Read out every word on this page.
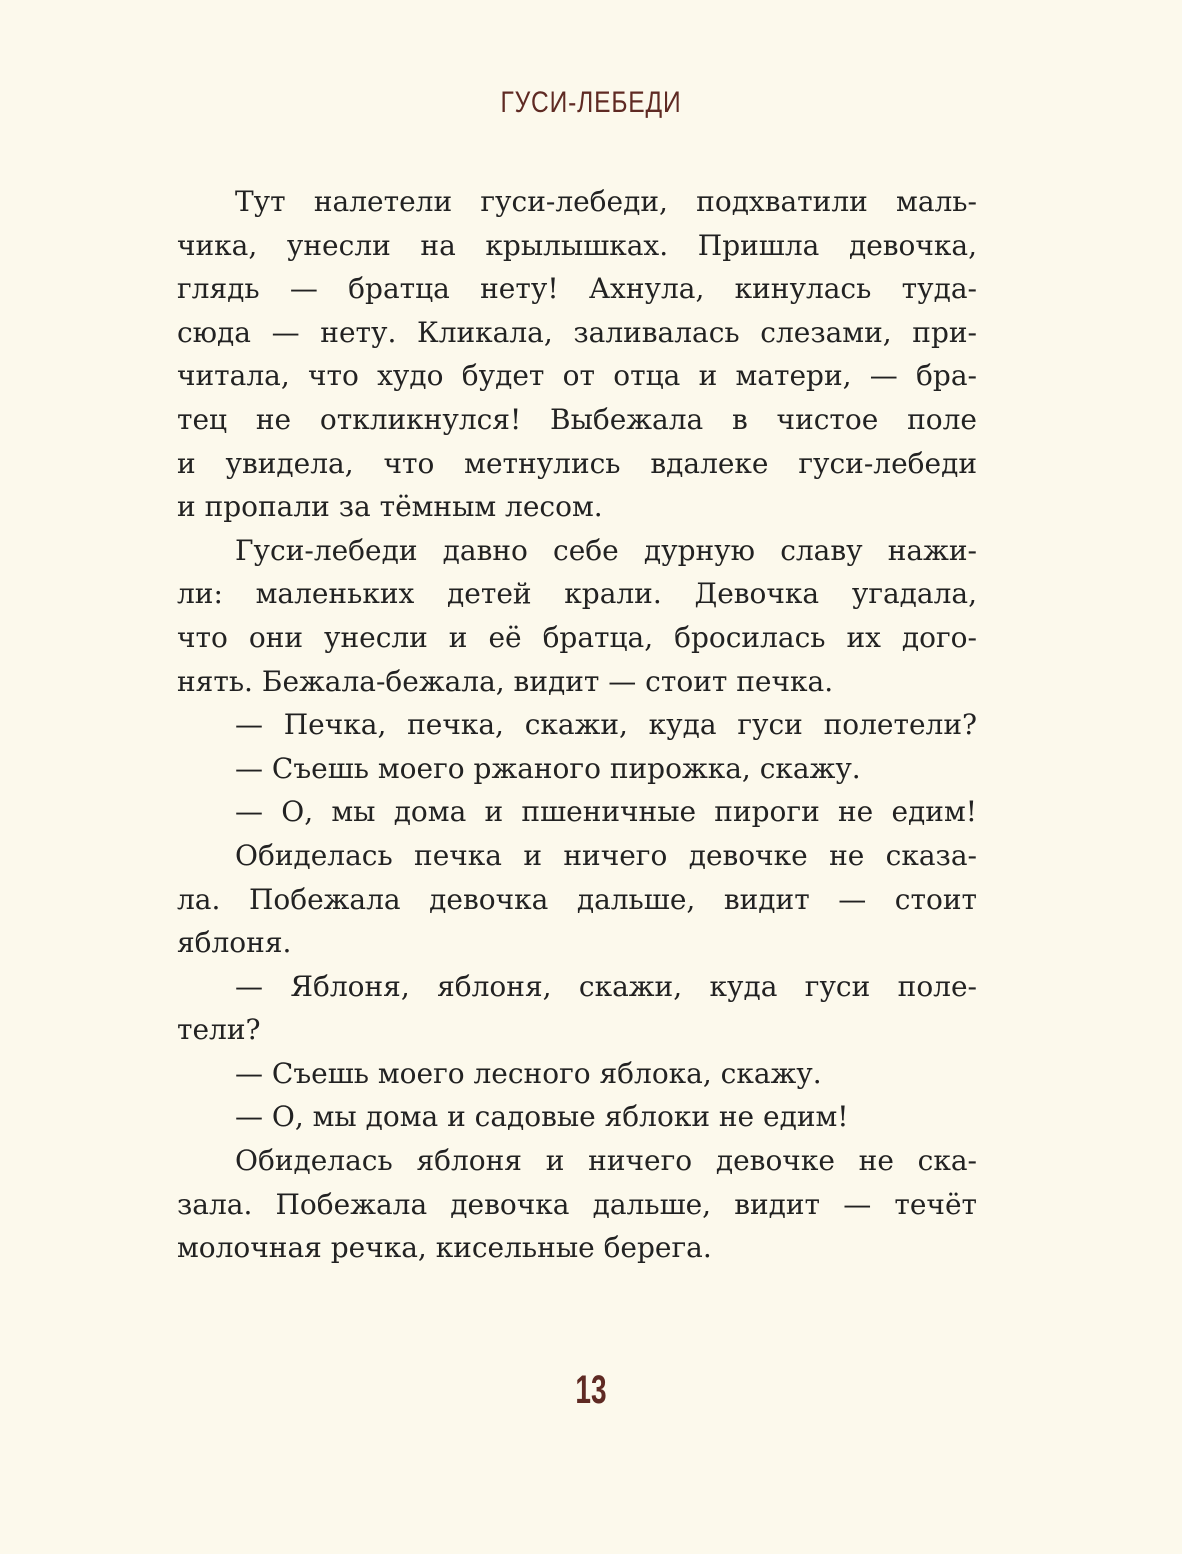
ГУСИ-ЛЕБЕДИ
Тут налетели гуси-лебеди, подхватили маль-
чика, унесли на крылышках. Пришла девочка,
глядь — братца нету! Ахнула, кинулась туда-
сюда — нету. Кликала, заливалась слезами, при-
читала, что худо будет от отца и матери, — бра-
тец не откликнулся! Выбежала в чистое поле
и увидела, что метнулись вдалеке гуси-лебеди
и пропали за тёмным лесом.
Гуси-лебеди давно себе дурную славу нажи-
ли: маленьких детей крали. Девочка угадала,
что они унесли и её братца, бросилась их дого-
нять. Бежала-бежала, видит — стоит печка.
— Печка, печка, скажи, куда гуси полетели?
— Съешь моего ржаного пирожка, скажу.
— О, мы дома и пшеничные пироги не едим!
Обиделась печка и ничего девочке не сказа-
ла. Побежала девочка дальше, видит — стоит
яблоня.
— Яблоня, яблоня, скажи, куда гуси поле-
тели?
— Съешь моего лесного яблока, скажу.
— О, мы дома и садовые яблоки не едим!
Обиделась яблоня и ничего девочке не ска-
зала. Побежала девочка дальше, видит — течёт
молочная речка, кисельные берега.
13
